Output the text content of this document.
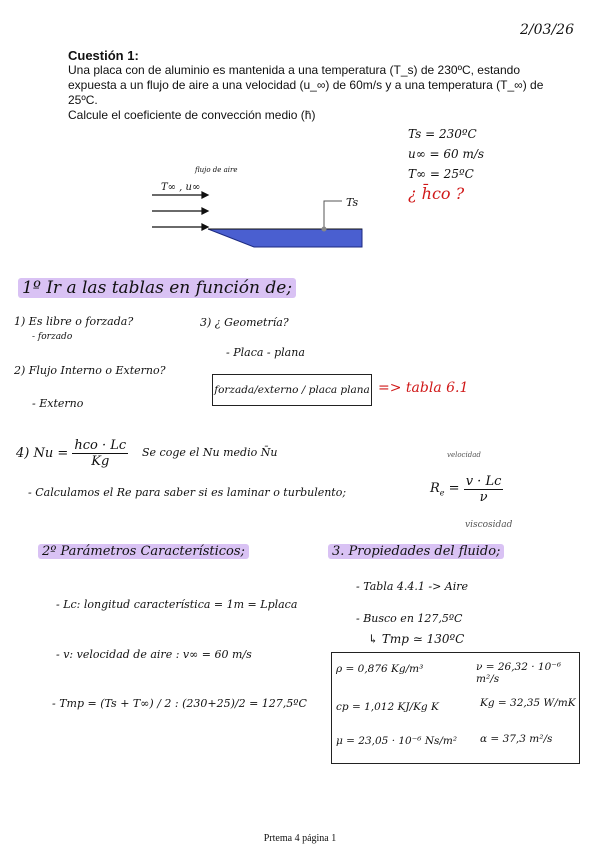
2/03/26
Cuestión 1:
Una placa con de aluminio es mantenida a una temperatura (T_s) de 230ºC, estando
expuesta a un flujo de aire a una velocidad (u_∞) de 60m/s y a una temperatura (T_∞) de
25ºC.
Calcule el coeficiente de convección medio (h̄)
Ts = 230ºC
u∞ = 60 m/s
T∞ = 25ºC
¿ h̄co ?
flujo de aire
T∞ , u∞
Ts
1º Ir a las tablas en función de;
1) Es libre o forzada?
- forzado
3) ¿ Geometría?
- Placa - plana
2) Flujo Interno o Externo?
- Externo
forzada/externo / placa plana => tabla 6.1
4) Nu =
hco · Lc
Kg
Se coge el Nu medio N̄u	velocidad
- Calculamos el Re para saber si es laminar o turbulento;	$R_e = \frac{v \cdot Lc}{\nu}$
viscosidad
2º Parámetros Característicos;
- Lc: longitud característica = 1m = Lplaca
- v: velocidad de aire : v∞ = 60 m/s
- Tmp = (Ts + T∞) / 2 : (230+25)/2 = 127,5ºC
3. Propiedades del fluido;
- Tabla 4.4.1 -> Aire
- Busco en 127,5ºC
↳ Tmp ≃ 130ºC
ρ = 0,876 Kg/m³	ν = 26,32 · 10⁻⁶ m²/s
cp = 1,012 KJ/Kg K	Kg = 32,35 W/mK
μ = 23,05 · 10⁻⁶ Ns/m² α = 37,3 m²/s
Prtema 4 página 1
